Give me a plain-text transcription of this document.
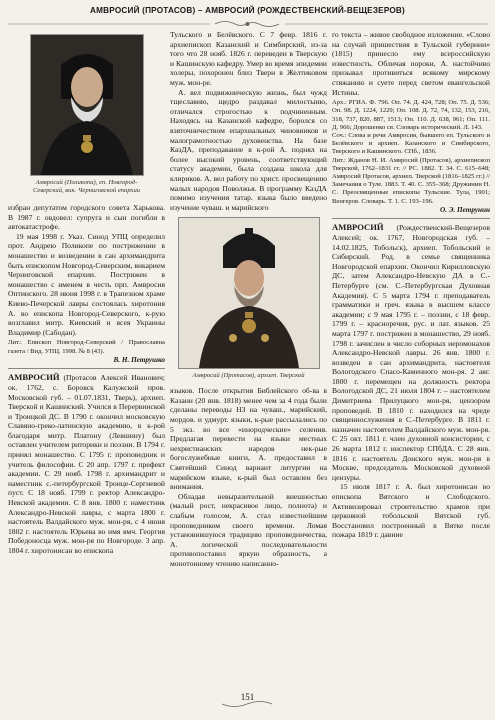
АМВРОСИЙ (ПРОТАСОВ) – АМВРОСИЙ (РОЖДЕСТВЕНСКИЙ-ВЕЩЕЗЕРОВ)
Амвросий (Поликопа), еп. Новгород-Северский, вик. Черниговской епархии

избран депутатом городского совета Харькова. В 1987 г. овдовел: супруга и сын погибли в автокатастрофе.

19 мая 1998 г. Указ. Синод УПЦ определил прот. Андрею Поликопе по пострижении в монашество и возведении в сан архимандрита быть епископом Новгород-Северским, викарием Черниговской епархии. Пострижен в монашество с именем в честь прп. Амвросия Оптинского. 28 июня 1998 г. в Трапезном храме Киево-Печерской лавры состоялась хиротония А. во епископа Новгород-Северского, к-рую возглавил митр. Киевский и всея Украины Владимир (Сабодан).

Лит.: Епископ Новгород-Северский / Православна газета / Вид. УПЦ. 1998. № 8 (43).

В. Н. Петрушко

АМВРОСИЙ (Протасов Алексей Иванович; ок. 1762, с. Боровск Калужской пров. Московской губ. – 01.07.1831, Тверь), архиеп. Тверской и Кашинский. Учился в Перервинской и Троицкой ДС. В 1790 г. окончил московскую Славяно-греко-латинскую академию, в к-рой благодаря митр. Платону (Левшину) был оставлен учителем риторики и поэзии. В 1794 г. принял монашество. С 1795 г. проповедник и учитель философии. С 20 апр. 1797 г. префект академии. С 29 нояб. 1798 г. архимандрит и наместник с.-петербургской Троице-Сергиевой пуст. С 18 нояб. 1799 г. ректор Александро-Невской академии. С 8 янв. 1800 г. наместник Александро-Невской лавры, с марта 1800 г. настоятель Валдайского муж. мон-ря, с 4 июня 1802 г. настоятель Юрьева во имя вмч. Георгия Победоносца муж. мон-ря по Новгороде. 3 апр. 1804 г. хиротонисан во епископа

Тульского и Белёвского. С 7 февр. 1816 г. архиепископ Казанский и Симбирский, из-за того что 28 нояб. 1826 г. переведен в Тверскую и Кашинскую кафедру. Умер во время эпидемии холеры, похоронен близ Твери в Желтиковом муж. мон-ре.

А. вел подвижническую жизнь, был чужд тщеславию, щедро раздавал милостыню, отличался строгостью к подчиненным. Находясь на Казанской кафедре, боролся со взяточничеством епархиальных чиновников и малограмотностью духовенства. На базе КазДА, преподавание в к-рой А. поднял на более высокий уровень, соответствующий статусу академии, была создана школа для клириков. А. вел работу по христ. просвещению малых народов Поволжья. В программу КазДА помимо изучения татар. языка было введено изучение чуваш. и марийского

Амвросий (Протасов), архиеп. Тверской

языков. После открытия Библейского об-ва в Казани (20 янв. 1818) менее чем за 4 года были сделаны переводы НЗ на чуваш., марийский, мордов. и удмурт. языки, к-рые рассылались по 5 экз. во все «инородческие» селения. Предлагая перевести на языки местных нехристианских народов нек-рые богослужебные книги, А. предоставил в Святейший Синод вариант литургии на марийском языке, к-рый был оставлен без внимания.

Обладая невыразительной внешностью (малый рост, некрасивое лицо, полнота) и слабым голосом, А. стал известнейшим проповедником своего времени. Ломая установившуюся традицию проповедничества, А. логической последовательности противопоставил яркую образность, а монотонному чтению написанно-

го текста – живое свободное изложение. «Слово на случай пришествия в Тульской губернии» (1815) принесло ему всероссийскую известность. Обличая пороки, А. настойчиво призывал противиться всякому мирскому стяжанию и суете перед светом евангельской Истины.

Арх.: РГИА. Ф. 796. Оп. 74. Д. 424, 728; Оп. 75. Д. 536; Оп. 98. Д. 1224, 1229; Оп. 108. Д. 72, 74, 132, 153, 216, 318, 737, 820, 887, 1513; Оп. 110. Д. 638, 961; Оп. 111. Д. 966; Дорошенко св. Словарь исторический. Л. 143.

Соч.: Слова и речи Амвросия, бывшего еп. Тульского и Белёвского и архиеп. Казанского и Симбирского, Тверского и Кашинского. СПб., 1836.

Лит.: Жданов Н. И. Амвросий (Протасов), архиепископ Тверской, 1762–1831 гг. // РС. 1882. Т. 34. С. 615–648; Амвросий Протасов, архиеп. Тверской (1816–1825 гг.) // Замечания о Туле. 1883. Т. 40. С. 355–368; Дружинин Н. С. Преосвященные епископы Тульские. Тула, 1901; Венгеров. Словарь. Т. 1. С. 193–196.

О. Э. Петрунин

АМВРОСИЙ (Рождественский-Вещезеров Алексей; ок. 1767, Новгородская губ. – 14.02.1825, Тобольск), архиеп. Тобольский и Сибирский. Род. в семье священника Новгородской епархии. Окончил Кирилловскую ДС, затем Александро-Невскую ДА в С.-Петербурге (см. С.-Петербургская Духовная Академия). С 5 марта 1794 г. преподаватель грамматики и греч. языка в высшем классе академии; с 9 мая 1795 г. – поэзии, с 18 февр. 1799 г. – красноречия, рус. и лат. языков. 25 марта 1797 г. пострижен в монашество, 29 нояб. 1798 г. зачислен в число соборных иеромонахов Александро-Невской лавры. 26 янв. 1800 г. возведен в сан архимандрита, настоятеля Вологодского Спасо-Каменного мон-ря. 2 авг. 1800 г. перемещен на должность ректора Вологодской ДС, 21 июля 1804 г. – настоятелем Димитриева Прилуцкого мон-ря, цензором проповедей. В 1810 г. находился на чреде священнослужения в С.-Петербурге. В 1811 г. назначен настоятелем Валдайского муж. мон-ря. С 25 окт. 1811 г. член духовной консистории, с 26 марта 1812 г. инспектор СПбДА. С 28 янв. 1816 г. настоятель Донского муж. мон-ря в Москве, председатель Московской духовной цензуры.

15 июля 1817 г. А. был хиротонисан во епископа Вятского и Слободского. Активизировал строительство храмов при церковной тобольской Вятской губ. Восстановил построенный в Вятке после пожара 1819 г. давние

151
